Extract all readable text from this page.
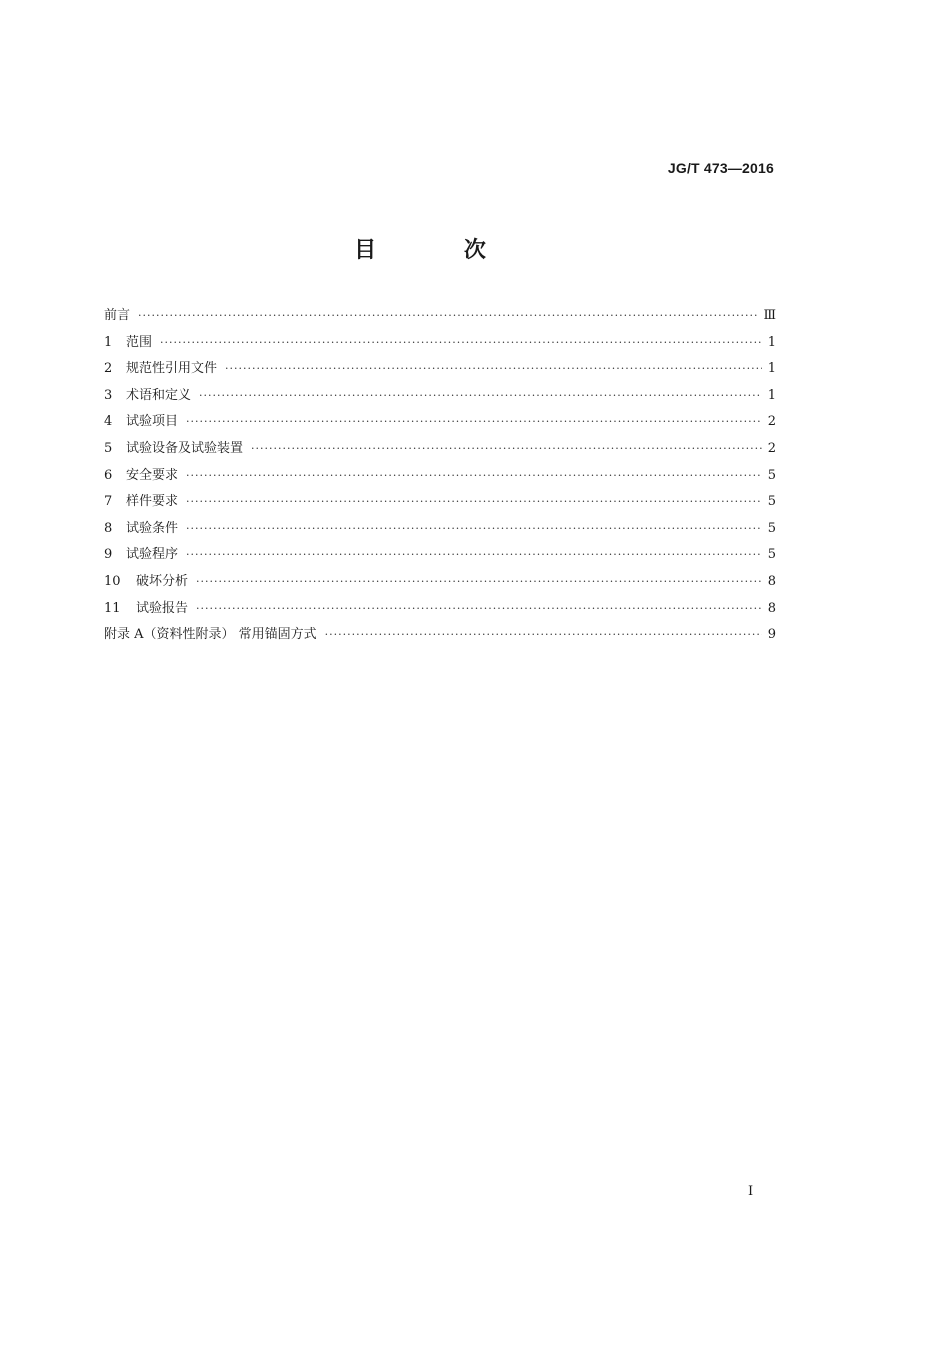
JG/T 473—2016
目 次
前言 ·····	Ⅲ
1	范围 ·····	1
2	规范性引用文件 ·····	1
3	术语和定义 ·····	1
4	试验项目 ·····	2
5	试验设备及试验装置 ·····	2
6	安全要求 ·····	5
7	样件要求 ·····	5
8	试验条件 ·····	5
9	试验程序 ·····	5
10	破坏分析 ·····	8
11	试验报告 ·····	8
附录 A（资料性附录） 常用锚固方式 ·····	9
I
